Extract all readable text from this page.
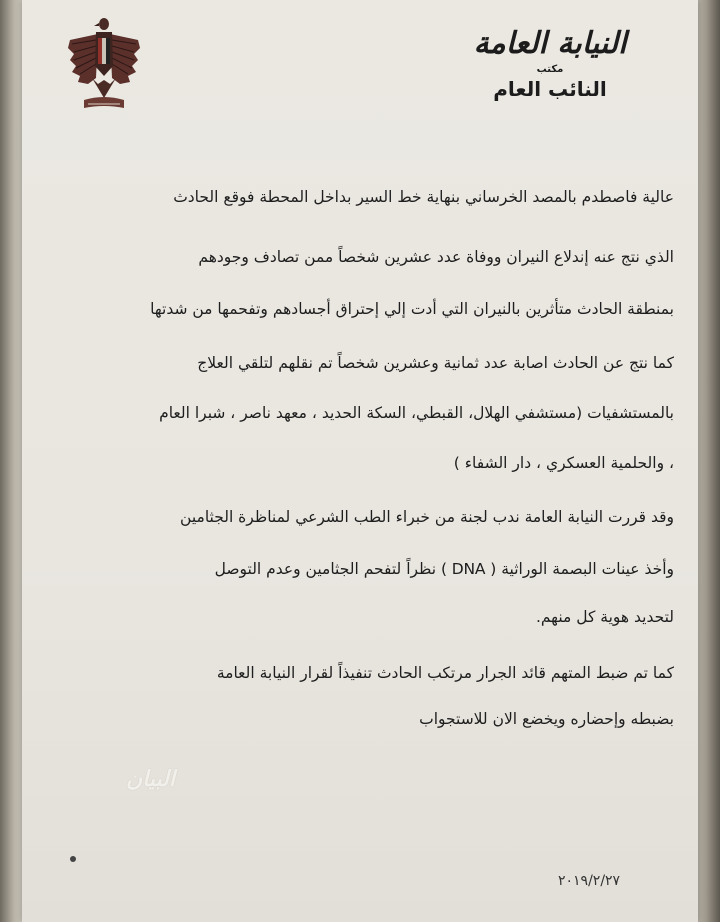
النيابة العامة
مكتب
النائب العام
عالية فاصطدم بالمصد الخرساني بنهاية خط السير بداخل المحطة فوقع الحادث
الذي نتج عنه إندلاع النيران ووفاة عدد عشرين شخصاً ممن تصادف وجودهم
بمنطقة الحادث متأثرين بالنيران التي أدت إلي إحتراق أجسادهم وتفحمها من شدتها
كما نتج عن الحادث اصابة عدد ثمانية وعشرين شخصاً تم نقلهم لتلقي العلاج
بالمستشفيات (مستشفي الهلال، القبطي، السكة الحديد ، معهد ناصر ، شبرا العام
، والحلمية العسكري ، دار الشفاء )
وقد قررت النيابة العامة ندب لجنة من خبراء الطب الشرعي لمناظرة الجثامين
وأخذ عينات البصمة الوراثية ( DNA ) نظراً لتفحم الجثامين وعدم التوصل
لتحديد هوية كل منهم.
كما تم ضبط المتهم قائد الجرار مرتكب الحادث تنفيذاً لقرار النيابة العامة
بضبطه وإحضاره ويخضع الان للاستجواب
البيان
٢٠١٩/٢/٢٧
